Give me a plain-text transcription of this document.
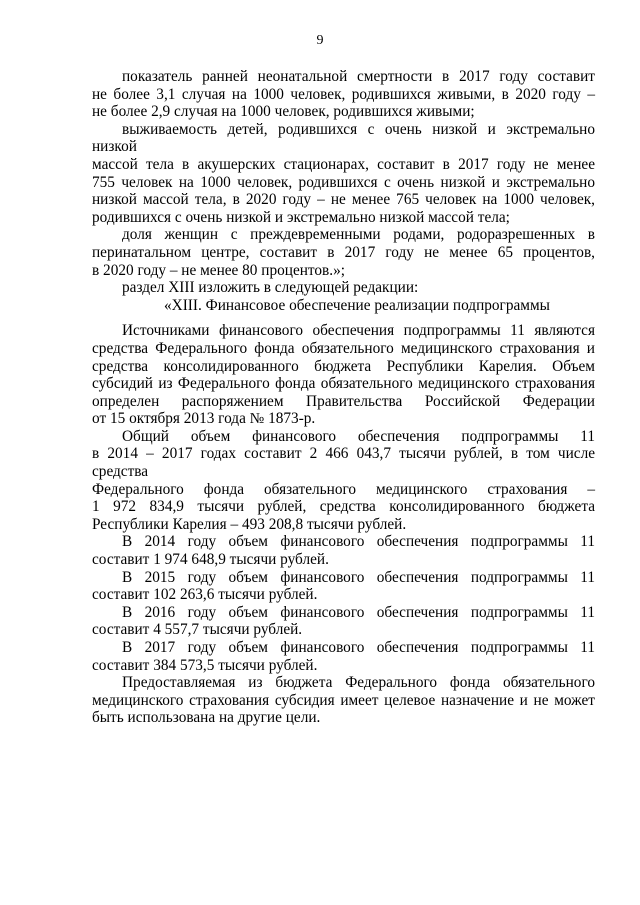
9
показатель ранней неонатальной смертности в 2017 году составит
не более 3,1 случая на 1000 человек, родившихся живыми, в 2020 году –
не более 2,9 случая на 1000 человек, родившихся живыми;
выживаемость детей, родившихся с очень низкой и экстремально низкой
массой тела в акушерских стационарах, составит в 2017 году не менее
755 человек на 1000 человек, родившихся с очень низкой и экстремально
низкой массой тела, в 2020 году – не менее 765 человек на 1000 человек,
родившихся с очень низкой и экстремально низкой массой тела;
доля женщин с преждевременными родами, родоразрешенных в
перинатальном центре, составит в 2017 году не менее 65 процентов,
в 2020 году – не менее 80 процентов.»;

раздел XIII изложить в следующей редакции:

«XIII. Финансовое обеспечение реализации подпрограммы

Источниками финансового обеспечения подпрограммы 11 являются
средства Федерального фонда обязательного медицинского страхования и
средства консолидированного бюджета Республики Карелия. Объем
субсидий из Федерального фонда обязательного медицинского страхования
определен распоряжением Правительства Российской Федерации
от 15 октября 2013 года № 1873-р.
Общий объем финансового обеспечения подпрограммы 11
в 2014 – 2017 годах составит 2 466 043,7 тысячи рублей, в том числе средства
Федерального фонда обязательного медицинского страхования –
1 972 834,9 тысячи рублей, средства консолидированного бюджета
Республики Карелия – 493 208,8 тысячи рублей.
В 2014 году объем финансового обеспечения подпрограммы 11
составит 1 974 648,9 тысячи рублей.
В 2015 году объем финансового обеспечения подпрограммы 11
составит 102 263,6 тысячи рублей.
В 2016 году объем финансового обеспечения подпрограммы 11
составит 4 557,7 тысячи рублей.
В 2017 году объем финансового обеспечения подпрограммы 11
составит 384 573,5 тысячи рублей.
Предоставляемая из бюджета Федерального фонда обязательного
медицинского страхования субсидия имеет целевое назначение и не может
быть использована на другие цели.
